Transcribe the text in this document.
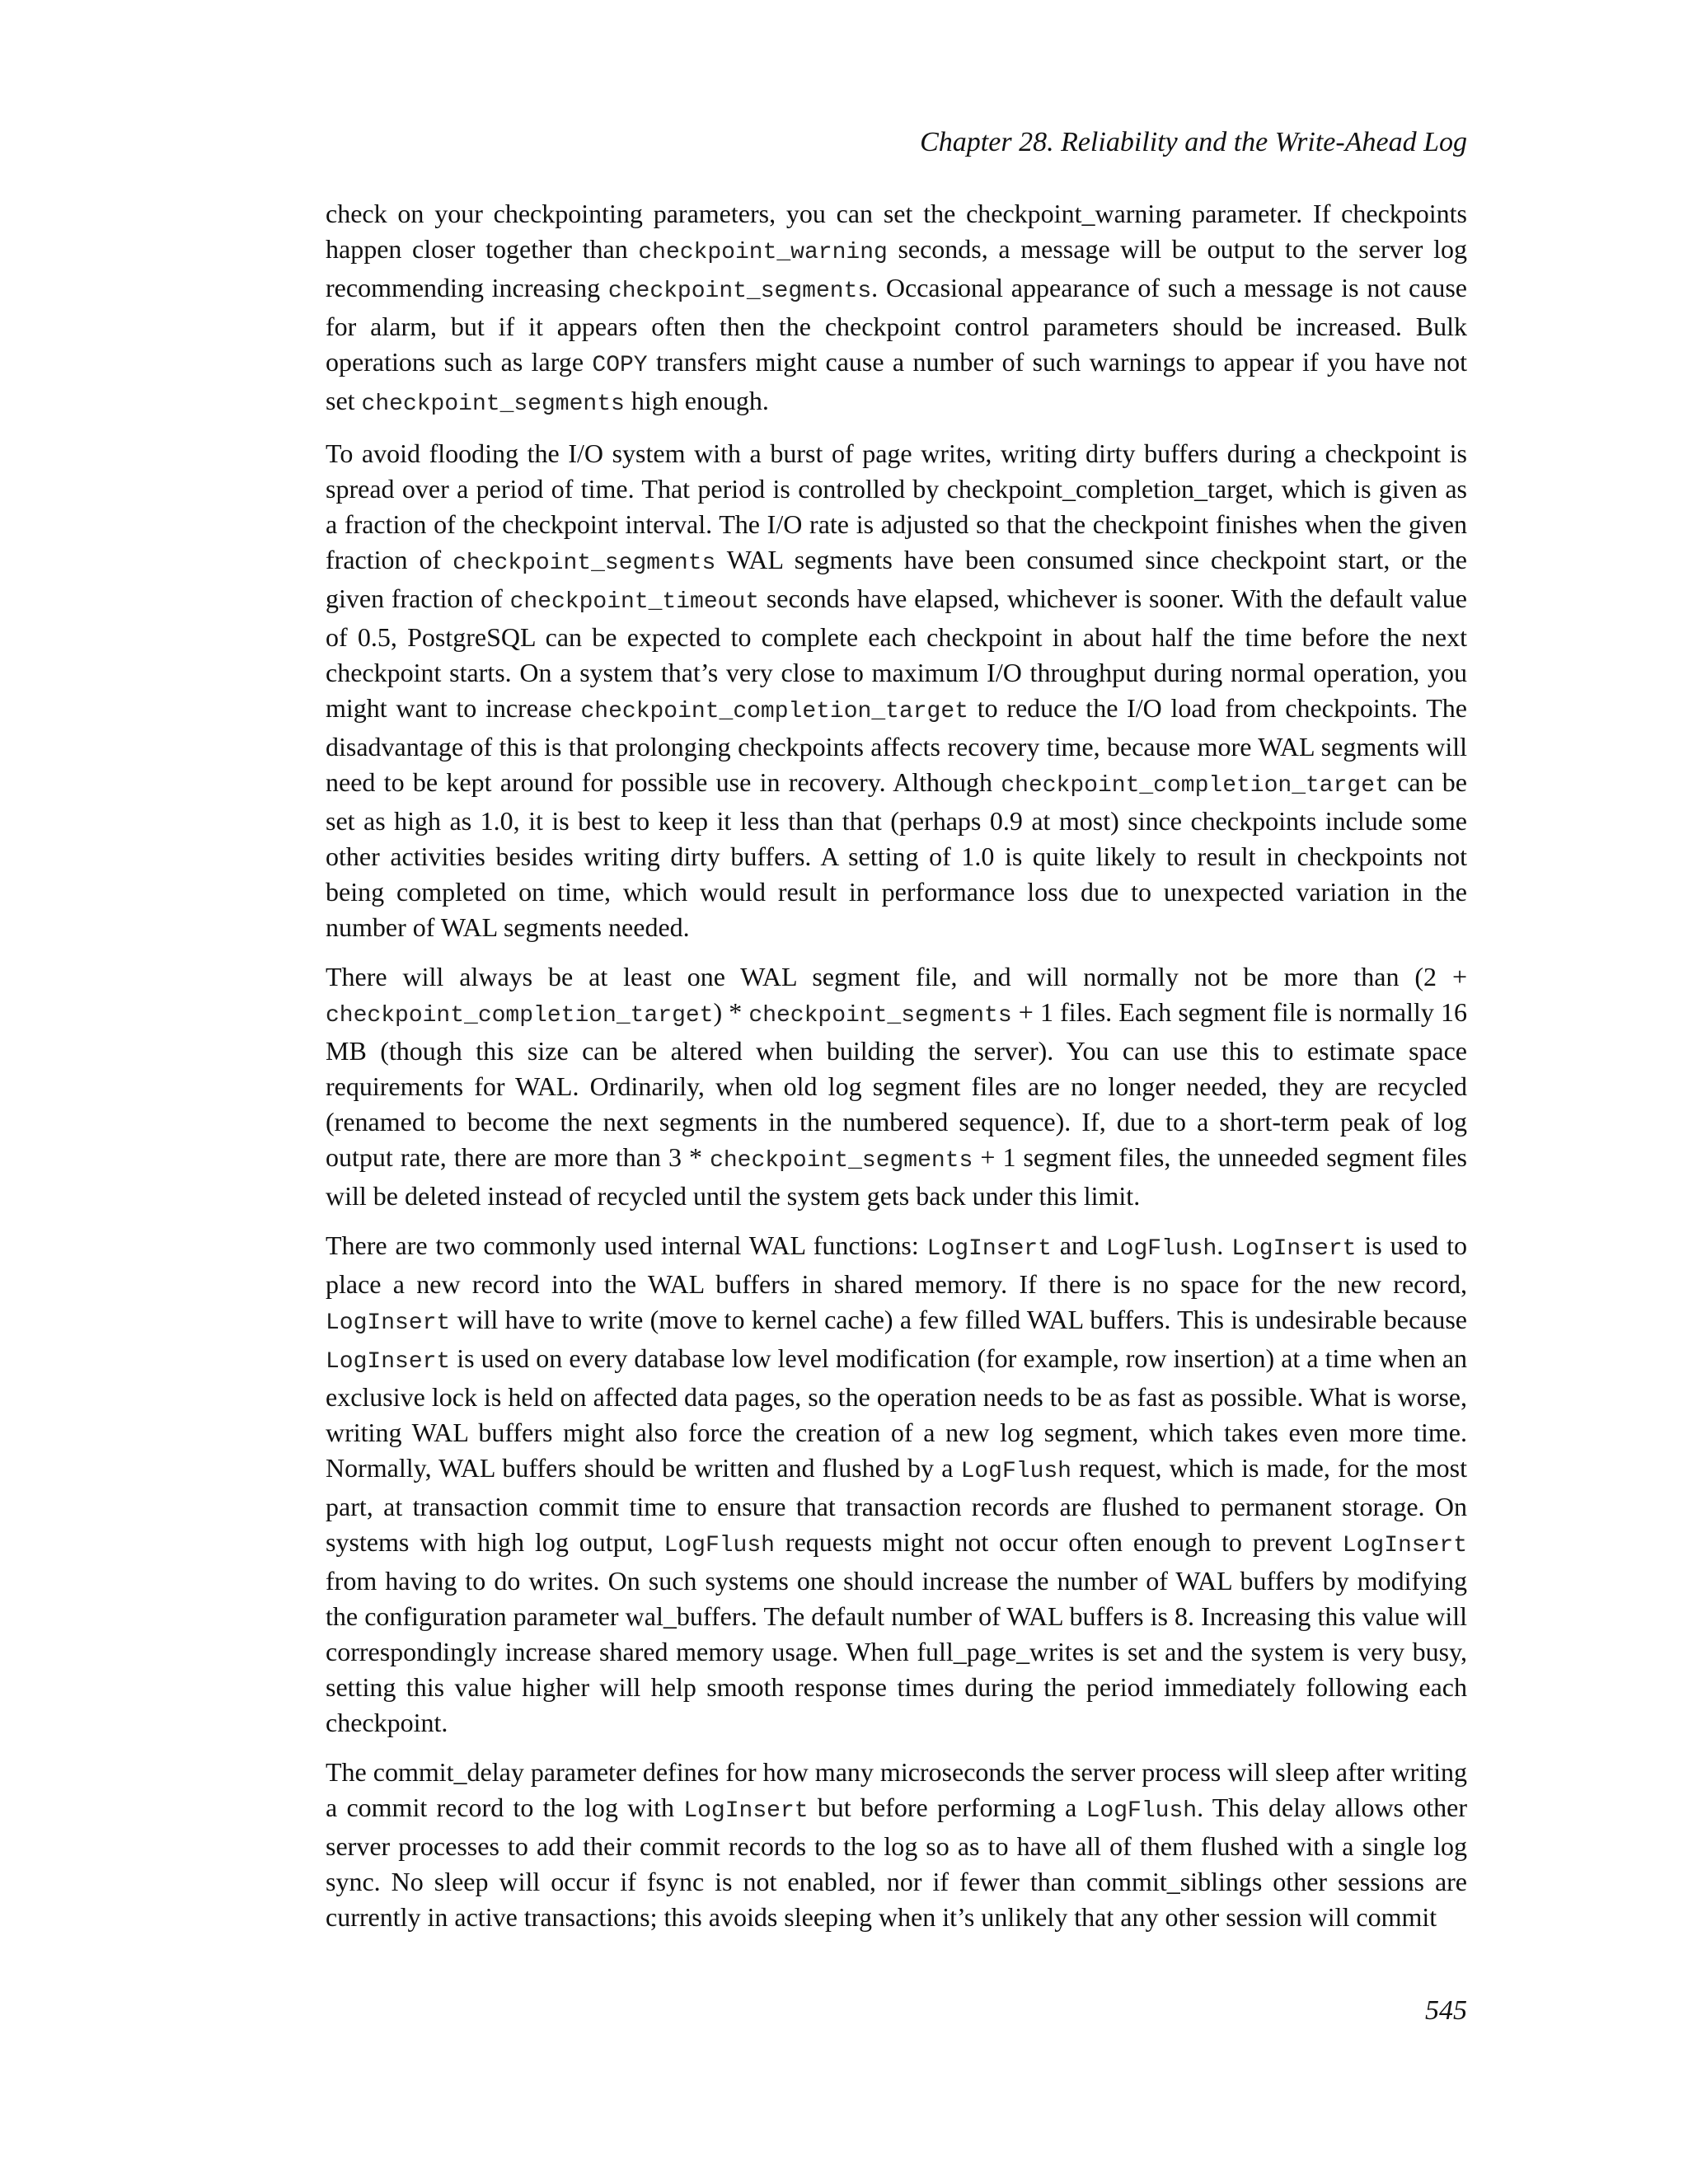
Chapter 28. Reliability and the Write-Ahead Log

check on your checkpointing parameters, you can set the checkpoint_warning parameter. If checkpoints happen closer together than checkpoint_warning seconds, a message will be output to the server log recommending increasing checkpoint_segments. Occasional appearance of such a message is not cause for alarm, but if it appears often then the checkpoint control parameters should be increased. Bulk operations such as large COPY transfers might cause a number of such warnings to appear if you have not set checkpoint_segments high enough.

To avoid flooding the I/O system with a burst of page writes, writing dirty buffers during a checkpoint is spread over a period of time. That period is controlled by checkpoint_completion_target, which is given as a fraction of the checkpoint interval. The I/O rate is adjusted so that the checkpoint finishes when the given fraction of checkpoint_segments WAL segments have been consumed since checkpoint start, or the given fraction of checkpoint_timeout seconds have elapsed, whichever is sooner. With the default value of 0.5, PostgreSQL can be expected to complete each checkpoint in about half the time before the next checkpoint starts. On a system that’s very close to maximum I/O throughput during normal operation, you might want to increase checkpoint_completion_target to reduce the I/O load from checkpoints. The disadvantage of this is that prolonging checkpoints affects recovery time, because more WAL segments will need to be kept around for possible use in recovery. Although checkpoint_completion_target can be set as high as 1.0, it is best to keep it less than that (perhaps 0.9 at most) since checkpoints include some other activities besides writing dirty buffers. A setting of 1.0 is quite likely to result in checkpoints not being completed on time, which would result in performance loss due to unexpected variation in the number of WAL segments needed.

There will always be at least one WAL segment file, and will normally not be more than (2 + checkpoint_completion_target) * checkpoint_segments + 1 files. Each segment file is normally 16 MB (though this size can be altered when building the server). You can use this to estimate space requirements for WAL. Ordinarily, when old log segment files are no longer needed, they are recycled (renamed to become the next segments in the numbered sequence). If, due to a short-term peak of log output rate, there are more than 3 * checkpoint_segments + 1 segment files, the unneeded segment files will be deleted instead of recycled until the system gets back under this limit.

There are two commonly used internal WAL functions: LogInsert and LogFlush. LogInsert is used to place a new record into the WAL buffers in shared memory. If there is no space for the new record, LogInsert will have to write (move to kernel cache) a few filled WAL buffers. This is undesirable because LogInsert is used on every database low level modification (for example, row insertion) at a time when an exclusive lock is held on affected data pages, so the operation needs to be as fast as possible. What is worse, writing WAL buffers might also force the creation of a new log segment, which takes even more time. Normally, WAL buffers should be written and flushed by a LogFlush request, which is made, for the most part, at transaction commit time to ensure that transaction records are flushed to permanent storage. On systems with high log output, LogFlush requests might not occur often enough to prevent LogInsert from having to do writes. On such systems one should increase the number of WAL buffers by modifying the configuration parameter wal_buffers. The default number of WAL buffers is 8. Increasing this value will correspondingly increase shared memory usage. When full_page_writes is set and the system is very busy, setting this value higher will help smooth response times during the period immediately following each checkpoint.

The commit_delay parameter defines for how many microseconds the server process will sleep after writing a commit record to the log with LogInsert but before performing a LogFlush. This delay allows other server processes to add their commit records to the log so as to have all of them flushed with a single log sync. No sleep will occur if fsync is not enabled, nor if fewer than commit_siblings other sessions are currently in active transactions; this avoids sleeping when it’s unlikely that any other session will commit

545
